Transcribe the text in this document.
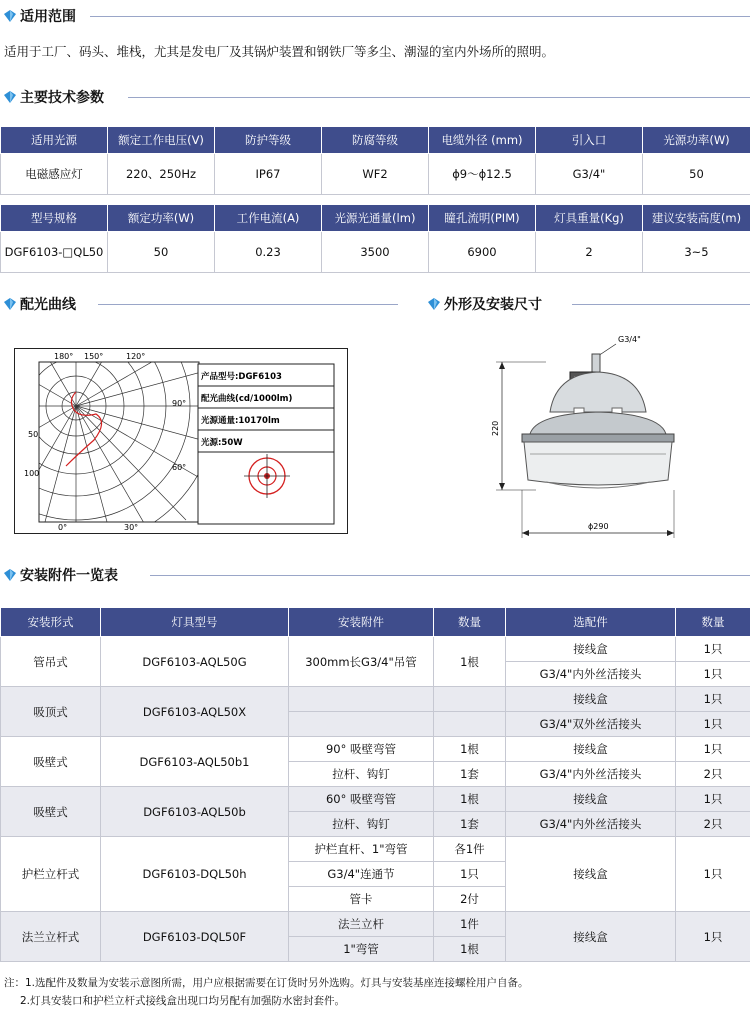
适用范围
适用于工厂、码头、堆栈，尤其是发电厂及其锅炉装置和钢铁厂等多尘、潮湿的室内外场所的照明。
主要技术参数
适用光源	额定工作电压(V)	防护等级	防腐等级	电缆外径 (mm)	引入口	光源功率(W)
电磁感应灯	220、250Hz	IP67	WF2	ϕ9～ϕ12.5	G3/4"	50
型号规格	额定功率(W)	工作电流(A)	光源光通量(lm)	瞳孔流明(PIM)	灯具重量(Kg)	建议安装高度(m)
DGF6103-□QL50	50	0.23	3500	6900	2	3~5
配光曲线	外形及安装尺寸
180° 150°	120°
0°	30°
90°
60°
50
100
产品型号:DGF6103
配光曲线(cd/1000lm)
光源通量:10170lm
光源:50W
G3/4"
220
ϕ290
安装附件一览表
安装形式	灯具型号	安装附件	数量	选配件	数量
管吊式	DGF6103-AQL50G	300mm长G3/4"吊管	1根	接线盒	1只
				G3/4"内外丝活接头	1只
吸顶式	DGF6103-AQL50X			接线盒	1只
				G3/4"双外丝活接头	1只
吸壁式	DGF6103-AQL50b1	90° 吸壁弯管	1根	接线盒	1只
		拉杆、钩钉	1套	G3/4"内外丝活接头	2只
吸壁式	DGF6103-AQL50b	60° 吸壁弯管	1根	接线盒	1只
		拉杆、钩钉	1套	G3/4"内外丝活接头	2只
护栏立杆式	DGF6103-DQL50h	护栏直杆、1"弯管	各1件	接线盒	1只
		G3/4"连通节	1只		
		管卡	2付		
法兰立杆式	DGF6103-DQL50F	法兰立杆	1件	接线盒	1只
		1"弯管	1根		
注：1.选配件及数量为安装示意图所需，用户应根据需要在订货时另外选购。灯具与安装基座连接螺栓用户自备。
2.灯具安装口和护栏立杆式接线盒出现口均另配有加强防水密封套件。
